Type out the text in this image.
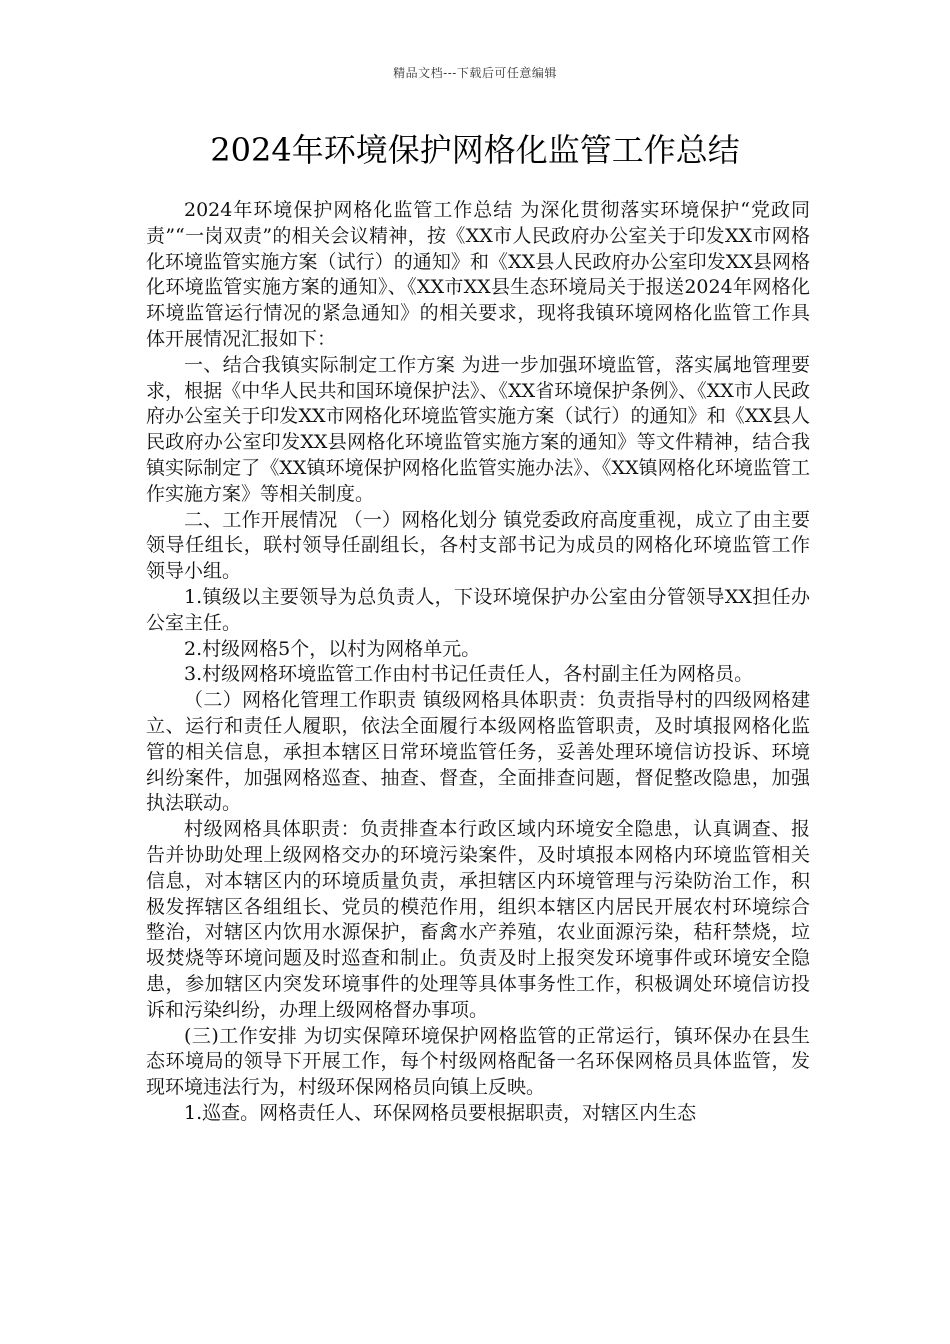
精品文档---下载后可任意编辑
2024年环境保护网格化监管工作总结

2024年环境保护网格化监管工作总结 为深化贯彻落实环境保护“党政同责”“一岗双责”的相关会议精神，按《XX市人民政府办公室关于印发XX市网格化环境监管实施方案（试行）的通知》和《XX县人民政府办公室印发XX县网格化环境监管实施方案的通知》、《XX市XX县生态环境局关于报送2024年网格化环境监管运行情况的紧急通知》的相关要求，现将我镇环境网格化监管工作具体开展情况汇报如下：

一、结合我镇实际制定工作方案 为进一步加强环境监管，落实属地管理要求，根据《中华人民共和国环境保护法》、《XX省环境保护条例》、《XX市人民政府办公室关于印发XX市网格化环境监管实施方案（试行）的通知》和《XX县人民政府办公室印发XX县网格化环境监管实施方案的通知》等文件精神，结合我镇实际制定了《XX镇环境保护网格化监管实施办法》、《XX镇网格化环境监管工作实施方案》等相关制度。

二、工作开展情况 （一）网格化划分 镇党委政府高度重视，成立了由主要领导任组长，联村领导任副组长，各村支部书记为成员的网格化环境监管工作领导小组。

1.镇级以主要领导为总负责人，下设环境保护办公室由分管领导XX担任办公室主任。

2.村级网格5个，以村为网格单元。

3.村级网格环境监管工作由村书记任责任人，各村副主任为网格员。

（二）网格化管理工作职责 镇级网格具体职责：负责指导村的四级网格建立、运行和责任人履职，依法全面履行本级网格监管职责，及时填报网格化监管的相关信息，承担本辖区日常环境监管任务，妥善处理环境信访投诉、环境纠纷案件，加强网格巡查、抽查、督查，全面排查问题，督促整改隐患，加强执法联动。

村级网格具体职责：负责排查本行政区域内环境安全隐患，认真调查、报告并协助处理上级网格交办的环境污染案件，及时填报本网格内环境监管相关信息，对本辖区内的环境质量负责，承担辖区内环境管理与污染防治工作，积极发挥辖区各组组长、党员的模范作用，组织本辖区内居民开展农村环境综合整治，对辖区内饮用水源保护，畜禽水产养殖，农业面源污染，秸秆禁烧，垃圾焚烧等环境问题及时巡查和制止。负责及时上报突发环境事件或环境安全隐患，参加辖区内突发环境事件的处理等具体事务性工作，积极调处环境信访投诉和污染纠纷，办理上级网格督办事项。

(三)工作安排 为切实保障环境保护网格监管的正常运行，镇环保办在县生态环境局的领导下开展工作，每个村级网格配备一名环保网格员具体监管，发现环境违法行为，村级环保网格员向镇上反映。

1.巡查。网格责任人、环保网格员要根据职责，对辖区内生态
